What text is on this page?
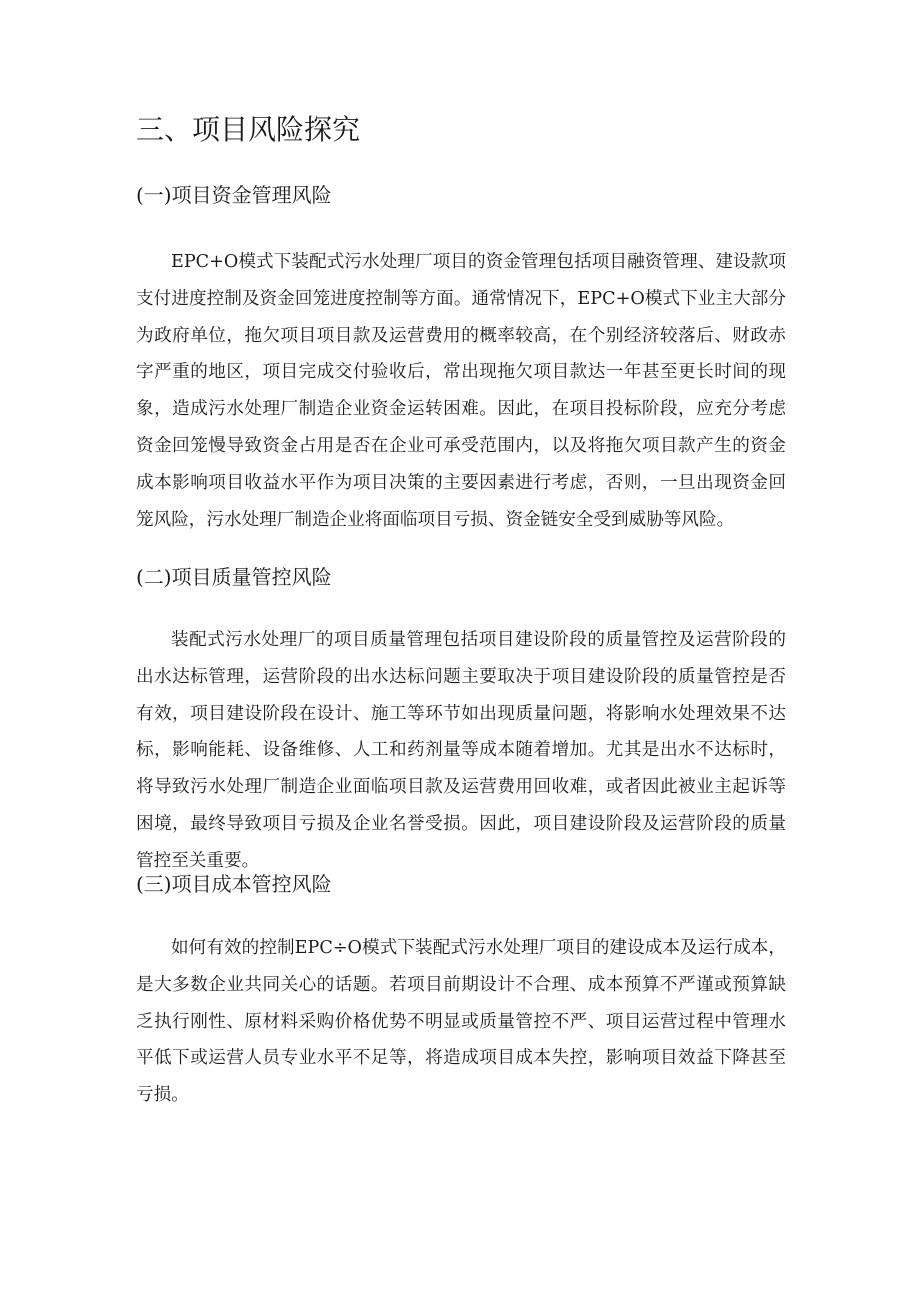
三、项目风险探究
(一)项目资金管理风险

EPC+O模式下装配式污水处理厂项目的资金管理包括项目融资管理、建设款项支付进度控制及资金回笼进度控制等方面。通常情况下，EPC+O模式下业主大部分为政府单位，拖欠项目项目款及运营费用的概率较高，在个别经济较落后、财政赤字严重的地区，项目完成交付验收后，常出现拖欠项目款达一年甚至更长时间的现象，造成污水处理厂制造企业资金运转困难。因此，在项目投标阶段，应充分考虑资金回笼慢导致资金占用是否在企业可承受范围内，以及将拖欠项目款产生的资金成本影响项目收益水平作为项目决策的主要因素进行考虑，否则，一旦出现资金回笼风险，污水处理厂制造企业将面临项目亏损、资金链安全受到威胁等风险。

(二)项目质量管控风险

装配式污水处理厂的项目质量管理包括项目建设阶段的质量管控及运营阶段的出水达标管理，运营阶段的出水达标问题主要取决于项目建设阶段的质量管控是否有效，项目建设阶段在设计、施工等环节如出现质量问题，将影响水处理效果不达标，影响能耗、设备维修、人工和药剂量等成本随着增加。尤其是出水不达标时，将导致污水处理厂制造企业面临项目款及运营费用回收难，或者因此被业主起诉等困境，最终导致项目亏损及企业名誉受损。因此，项目建设阶段及运营阶段的质量管控至关重要。

(三)项目成本管控风险

如何有效的控制EPC÷O模式下装配式污水处理厂项目的建设成本及运行成本，是大多数企业共同关心的话题。若项目前期设计不合理、成本预算不严谨或预算缺乏执行刚性、原材料采购价格优势不明显或质量管控不严、项目运营过程中管理水平低下或运营人员专业水平不足等，将造成项目成本失控，影响项目效益下降甚至亏损。
